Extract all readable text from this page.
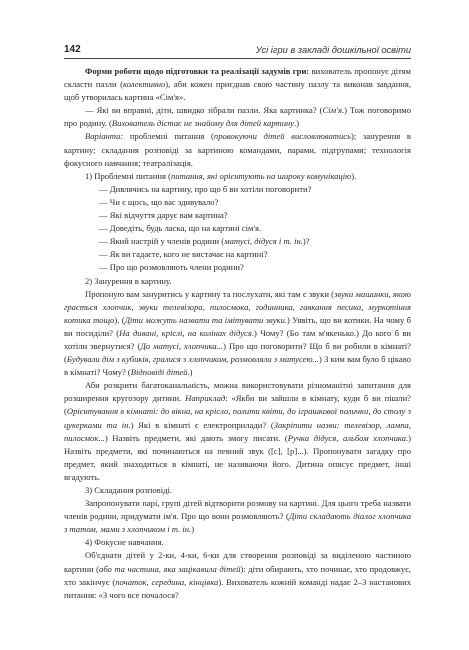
142	Усі ігри в закладі дошкільної освіти

Форми роботи щодо підготовки та реалізації задумів гри: вихователь пропонує дітям скласти пазли (колективно), аби кожен приєднав свою частину пазлу та виконав завдання, щоб утворилась картина «Сім'я».

— Які ви вправні, діти, швидко зібрали пазли. Яка картинка? (Сім'я.) Тож поговоримо про родину. (Вихователь дістає не знайому для дітей картину.)

Варіанти: проблемні питання (провокуючи дітей висловлюватись); занурення в картину; складання розповіді за картиною командами, парами, підгрупами; технологія фокусного навчання; театралізація.

1) Проблемні питання (питання, які орієнтують на широку комунікацію).

— Дивлячись на картину, про що б ви хотіли поговорити?

— Чи є щось, що вас здивувало?

— Які відчуття дарує вам картина?

— Доведіть, будь ласка, що на картині сім'я.

— Який настрій у членів родини (матусі, дідуся і т. ін.)?

— Як ви гадаєте, кого не вистачає на картині?

— Про що розмовляють члени родини?

2) Занурення в картину.

Пропоную вам зануритись у картину та послухати, які там є звуки (звуки машинки, якою грається хлопчик, звуки телевізора, пилосмока, годинника, гавкання песика, муркотіння котика тощо). (Діти можуть назвати та імітувати звуки.) Уявіть, що ви котики. На чому б ви посиділи? (На дивані, кріслі, на колінах дідуся.) Чому? (Бо там м'якенько.) До кого б ви хотіли звернутися? (До матусі, хлопчика...) Про що поговорити? Що б ви робили в кімнаті? (Будували дім з кубиків, гралися з хлопчиком, розмовляли з матусею...) З ким вам було б цікаво в кімнаті? Чому? (Відповіді дітей.)

Аби розкрити багатоканальність, можна використовувати різноманітні запитання для розширення кругозору дитини. Наприклад: «Якби ви зайшли в кімнату, куди б ви пішли? (Орієнтування в кімнаті: до вікна, на крісло, полити квіти, до іграшкової полички, до столу з цукерками та ін.) Які в кімнаті є електроприлади? (Закріпити назви: телевізор, лампа, пилосмок...) Назвіть предмети, які дають змогу писати. (Ручка дідуся, альбом хлопчика.) Назвіть предмети, які починаються на певний звук ([с], [р]...). Пропонувати загадку про предмет, який знаходиться в кімнаті, не називаючи його. Дитина описує предмет, інші вгадують.

3) Складання розповіді.

Запропонувати парі, групі дітей відтворити розмову на картині. Для цього треба назвати членів родини, придумати ім'я. Про що вони розмовляють? (Діти складають діалог хлопчика з татом, мами з хлопчиком і т. ін.)

4) Фокусне навчання.

Об'єднати дітей у 2-ки, 4-ки, 6-ки для створення розповіді за виділеною частиною картини (або та частина, яка зацікавила дітей): діти обирають, хто починає, хто продовжує, хто закінчує (початок, середина, кінцівка). Вихователь кожній команді надає 2–3 настанових питання: «З чого все почалося?
